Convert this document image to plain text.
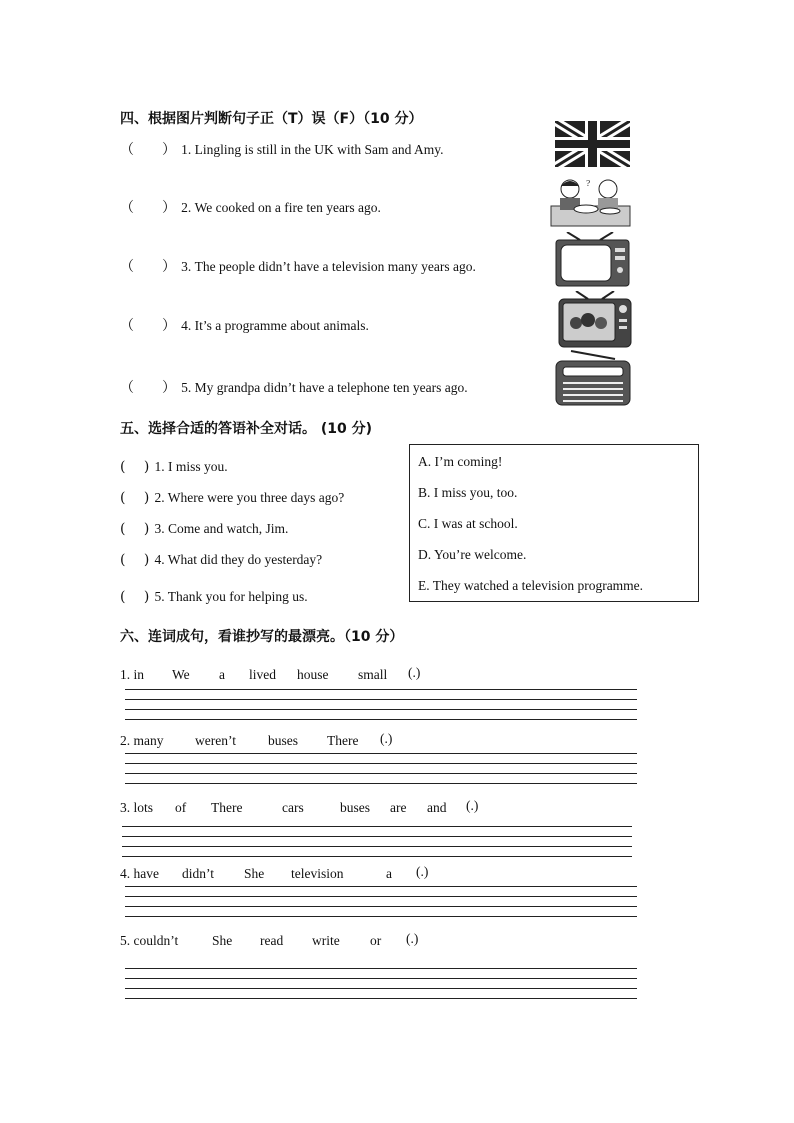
四、根据图片判断句子正（T）误（F）（10 分）
（　　） 1. Lingling is still in the UK with Sam and Amy.
（　　） 2. We cooked on a fire ten years ago.
（　　） 3. The people didn’t have a television many years ago.
（　　） 4. It’s a programme about animals.
（　　） 5. My grandpa didn’t have a telephone ten years ago.
?
五、选择合适的答语补全对话。 (10 分)
(　 ) 1. I miss you.
(　 ) 2. Where were you three days ago?
(　 ) 3. Come and watch, Jim.
(　 ) 4. What did they do yesterday?
(　 ) 5. Thank you for helping us.
A. I’m coming!
B. I miss you, too.
C. I was at school.
D. You’re welcome.
E. They watched a television programme.
六、连词成句，看谁抄写的最漂亮。（10 分）
1. in We a lived house small (.)
2. many weren’t buses There (.)
3. lots of There	cars	buses are and (.)
4. have didn’t She television	a (.)
5. couldn’t	She read write or (.)
